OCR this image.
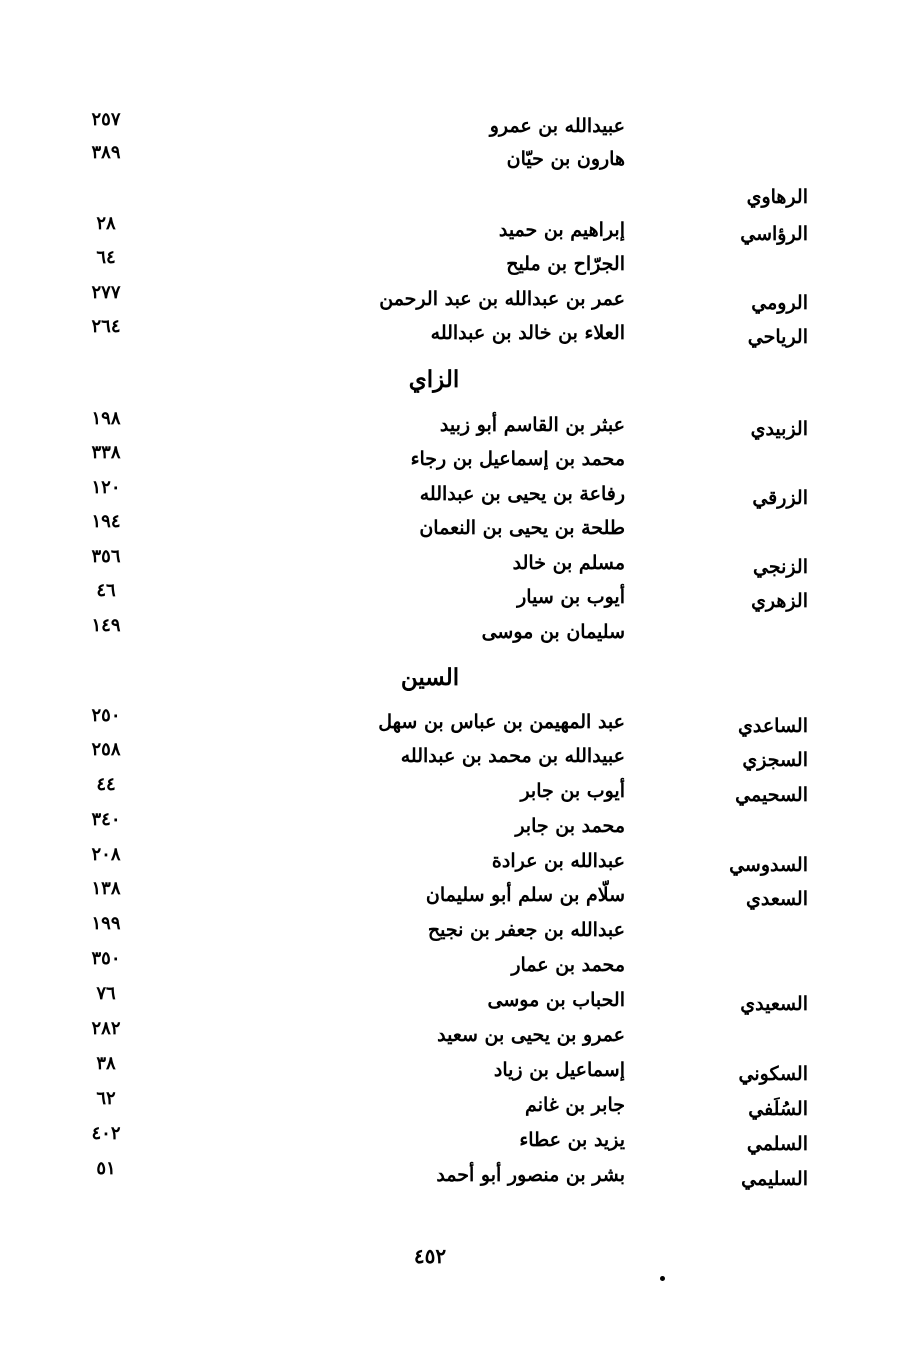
الزاي
السين
عبيدالله بن عمرو
٢٥٧
هارون بن حيّان
٣٨٩
الرهاوي
الرؤاسي
إبراهيم بن حميد
٢٨
الجرّاح بن مليح
٦٤
الرومي
عمر بن عبدالله بن عبد الرحمن
٢٧٧
الرياحي
العلاء بن خالد بن عبدالله
٢٦٤
الزبيدي
عبثر بن القاسم أبو زبيد
١٩٨
محمد بن إسماعيل بن رجاء
٣٣٨
الزرقي
رفاعة بن يحيى بن عبدالله
١٢٠
طلحة بن يحيى بن النعمان
١٩٤
الزنجي
مسلم بن خالد
٣٥٦
الزهري
أيوب بن سيار
٤٦
سليمان بن موسى
١٤٩
الساعدي
عبد المهيمن بن عباس بن سهل
٢٥٠
السجزي
عبيدالله بن محمد بن عبدالله
٢٥٨
السحيمي
أيوب بن جابر
٤٤
محمد بن جابر
٣٤٠
السدوسي
عبدالله بن عرادة
٢٠٨
السعدي
سلّام بن سلم أبو سليمان
١٣٨
عبدالله بن جعفر بن نجيح
١٩٩
محمد بن عمار
٣٥٠
السعيدي
الحباب بن موسى
٧٦
عمرو بن يحيى بن سعيد
٢٨٢
السكوني
إسماعيل بن زياد
٣٨
السُلَفي
جابر بن غانم
٦٢
السلمي
يزيد بن عطاء
٤٠٢
السليمي
بشر بن منصور أبو أحمد
٥١
٤٥٢
